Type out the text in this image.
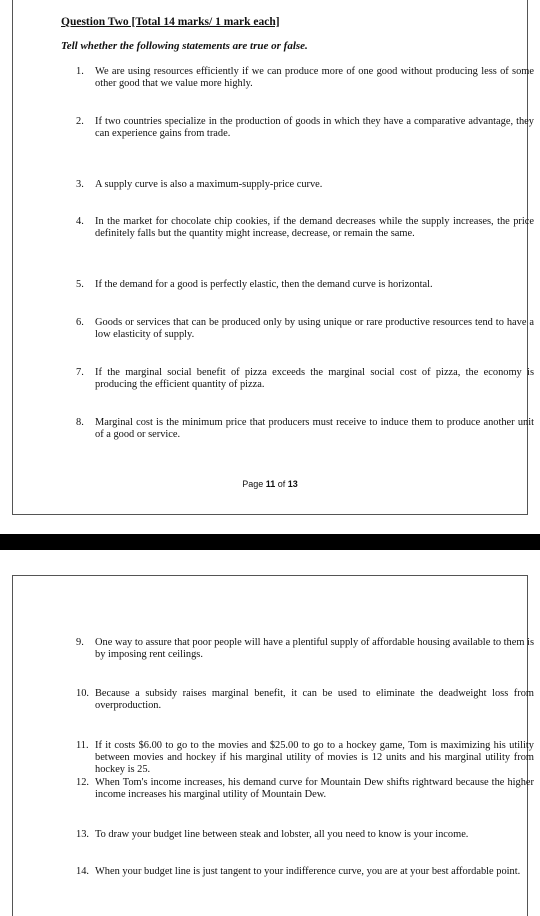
Question Two [Total 14 marks/ 1 mark each]
Tell whether the following statements are true or false.
1. We are using resources efficiently if we can produce more of one good without producing less of some other good that we value more highly.
2. If two countries specialize in the production of goods in which they have a comparative advantage, they can experience gains from trade.
3. A supply curve is also a maximum-supply-price curve.
4. In the market for chocolate chip cookies, if the demand decreases while the supply increases, the price definitely falls but the quantity might increase, decrease, or remain the same.
5. If the demand for a good is perfectly elastic, then the demand curve is horizontal.
6. Goods or services that can be produced only by using unique or rare productive resources tend to have a low elasticity of supply.
7. If the marginal social benefit of pizza exceeds the marginal social cost of pizza, the economy is producing the efficient quantity of pizza.
8. Marginal cost is the minimum price that producers must receive to induce them to produce another unit of a good or service.
Page 11 of 13
9. One way to assure that poor people will have a plentiful supply of affordable housing available to them is by imposing rent ceilings.
10. Because a subsidy raises marginal benefit, it can be used to eliminate the deadweight loss from overproduction.
11. If it costs $6.00 to go to the movies and $25.00 to go to a hockey game, Tom is maximizing his utility between movies and hockey if his marginal utility of movies is 12 units and his marginal utility from hockey is 25.
12. When Tom's income increases, his demand curve for Mountain Dew shifts rightward because the higher income increases his marginal utility of Mountain Dew.
13. To draw your budget line between steak and lobster, all you need to know is your income.
14. When your budget line is just tangent to your indifference curve, you are at your best affordable point.
